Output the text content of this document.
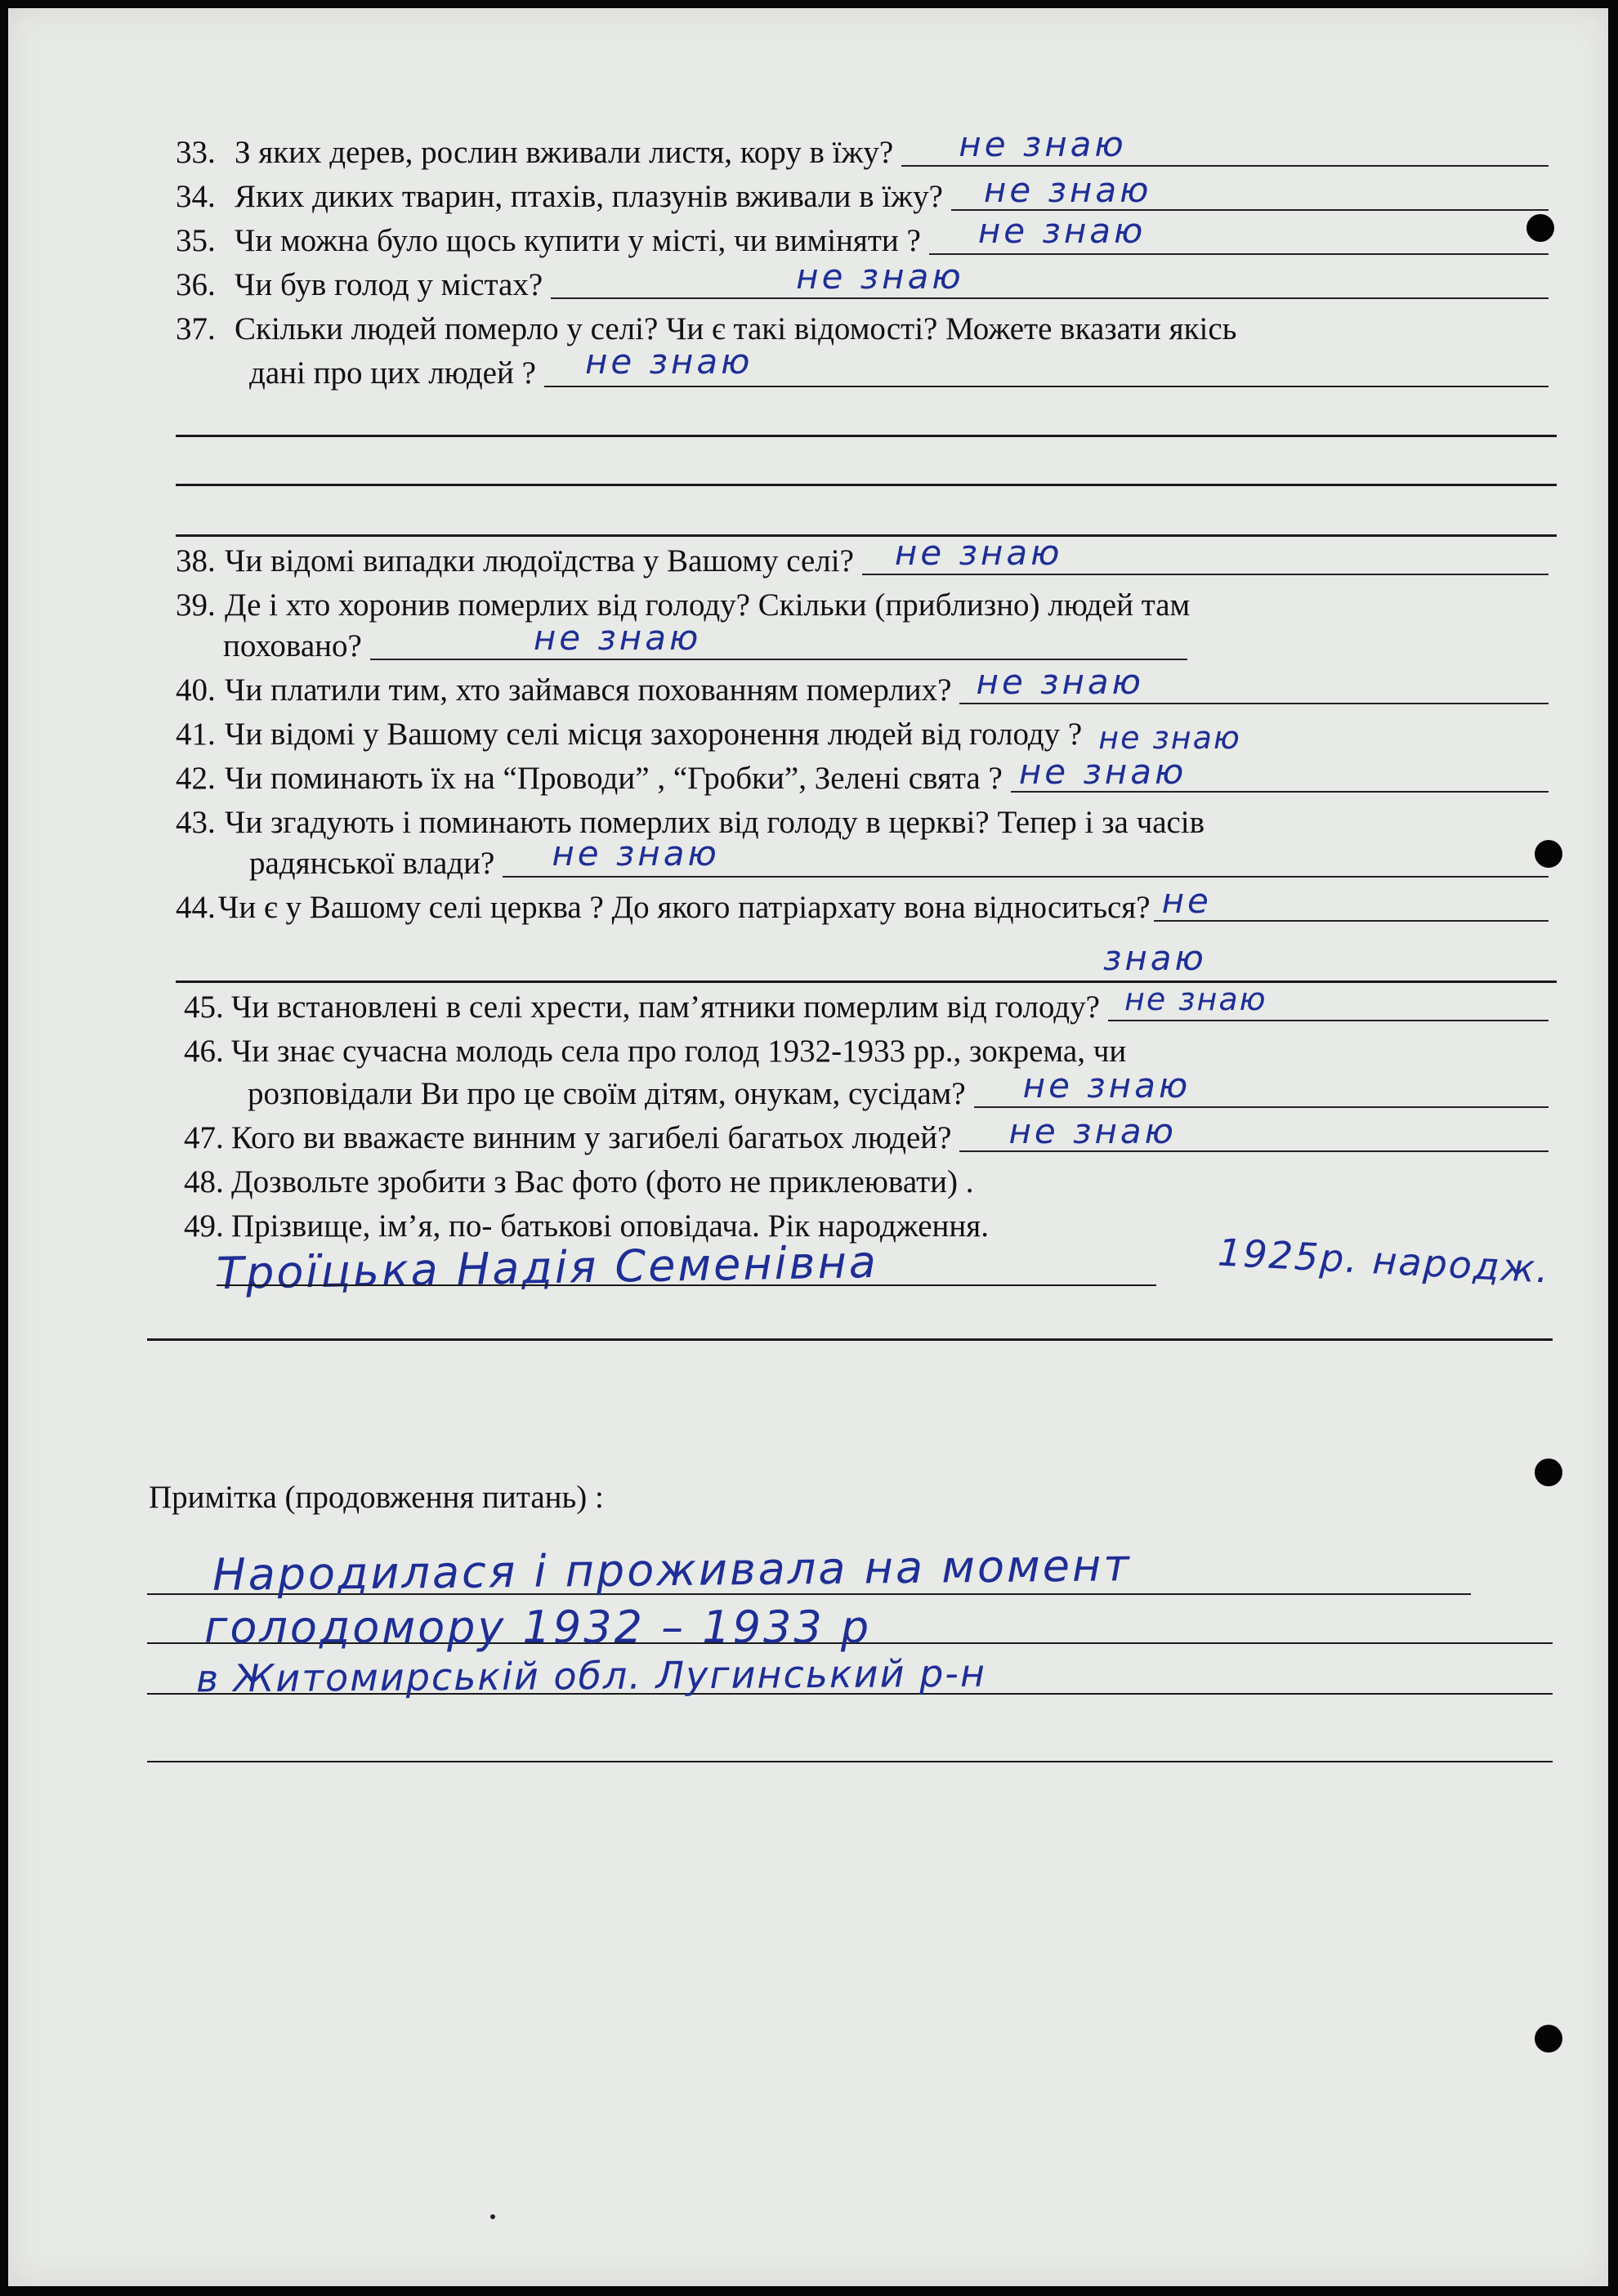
33. З яких дерев, рослин вживали листя, кору в їжу? не знаю
34. Яких диких тварин, птахів, плазунів вживали в їжу? не знаю
35. Чи можна було щось купити у місті, чи виміняти ? не знаю
36. Чи був голод у містах?	не знаю
37. Скільки людей померло у селі? Чи є такі відомості? Можете вказати якісь
дані про цих людей ? не знаю
38. Чи відомі випадки людоїдства у Вашому селі? не знаю
39. Де і хто хоронив померлих від голоду? Скільки (приблизно) людей там
поховано?	не знаю
40. Чи платили тим, хто займався похованням померлих? не знаю
41. Чи відомі у Вашому селі місця захоронення людей від голоду ? не знаю
42. Чи поминають їх на “Проводи” , “Гробки”, Зелені свята ? не знаю
43. Чи згадують і поминають померлих від голоду в церкві? Тепер і за часів
радянської влади? не знаю
44. Чи є у Вашому селі церква ? До якого патріархату вона відноситься? не
знаю
45. Чи встановлені в селі хрести, пам’ятники померлим від голоду? не знаю
46. Чи знає сучасна молодь села про голод 1932-1933 рр., зокрема, чи
розповідали Ви про це своїм дітям, онукам, сусідам? не знаю
47. Кого ви вважаєте винним у загибелі багатьох людей? не знаю
48. Дозвольте зробити з Вас фото (фото не приклеювати) .
49. Прізвище, ім’я, по- батькові оповідача. Рік народження.
Троїцька Надія Семенівна	1925р. народж.
Примітка (продовження питань) :
Народилася і проживала на момент
голодомору 1932 – 1933 р
в Житомирській обл. Лугинський р-н
